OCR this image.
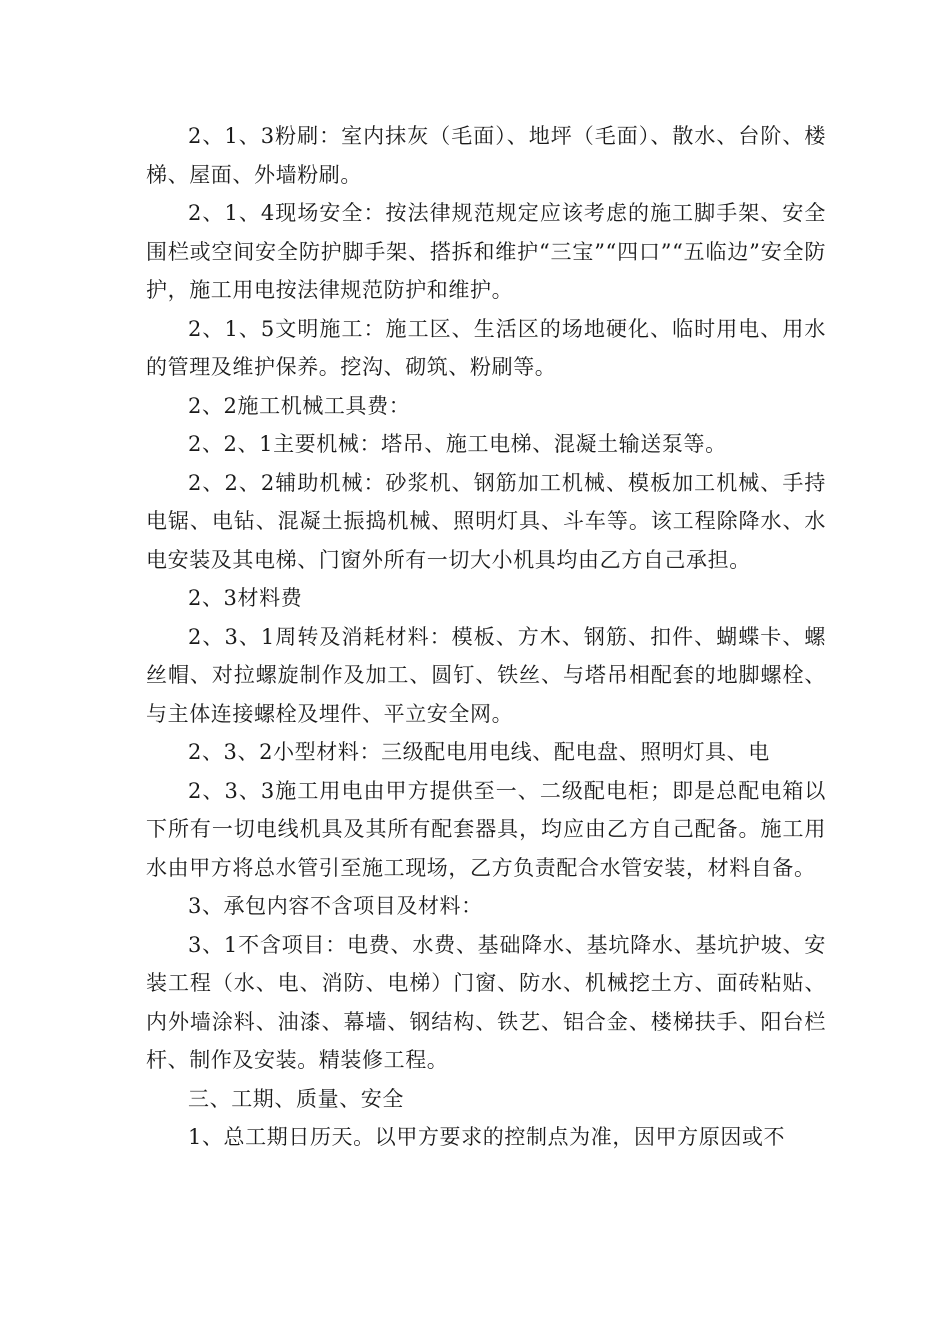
2、1、3粉刷：室内抹灰（毛面）、地坪（毛面）、散水、台阶、楼梯、屋面、外墙粉刷。

2、1、4现场安全：按法律规范规定应该考虑的施工脚手架、安全围栏或空间安全防护脚手架、搭拆和维护“三宝”“四口”“五临边”安全防护，施工用电按法律规范防护和维护。

2、1、5文明施工：施工区、生活区的场地硬化、临时用电、用水的管理及维护保养。挖沟、砌筑、粉刷等。

2、2施工机械工具费：

2、2、1主要机械：塔吊、施工电梯、混凝土输送泵等。

2、2、2辅助机械：砂浆机、钢筋加工机械、模板加工机械、手持电锯、电钻、混凝土振捣机械、照明灯具、斗车等。该工程除降水、水电安装及其电梯、门窗外所有一切大小机具均由乙方自己承担。

2、3材料费

2、3、1周转及消耗材料：模板、方木、钢筋、扣件、蝴蝶卡、螺丝帽、对拉螺旋制作及加工、圆钉、铁丝、与塔吊相配套的地脚螺栓、与主体连接螺栓及埋件、平立安全网。

2、3、2小型材料：三级配电用电线、配电盘、照明灯具、电

2、3、3施工用电由甲方提供至一、二级配电柜；即是总配电箱以下所有一切电线机具及其所有配套器具，均应由乙方自己配备。施工用水由甲方将总水管引至施工现场，乙方负责配合水管安装，材料自备。

3、承包内容不含项目及材料：

3、1不含项目：电费、水费、基础降水、基坑降水、基坑护坡、安装工程（水、电、消防、电梯）门窗、防水、机械挖土方、面砖粘贴、内外墙涂料、油漆、幕墙、钢结构、铁艺、铝合金、楼梯扶手、阳台栏杆、制作及安装。精装修工程。

三、工期、质量、安全

1、总工期日历天。以甲方要求的控制点为准，因甲方原因或不
